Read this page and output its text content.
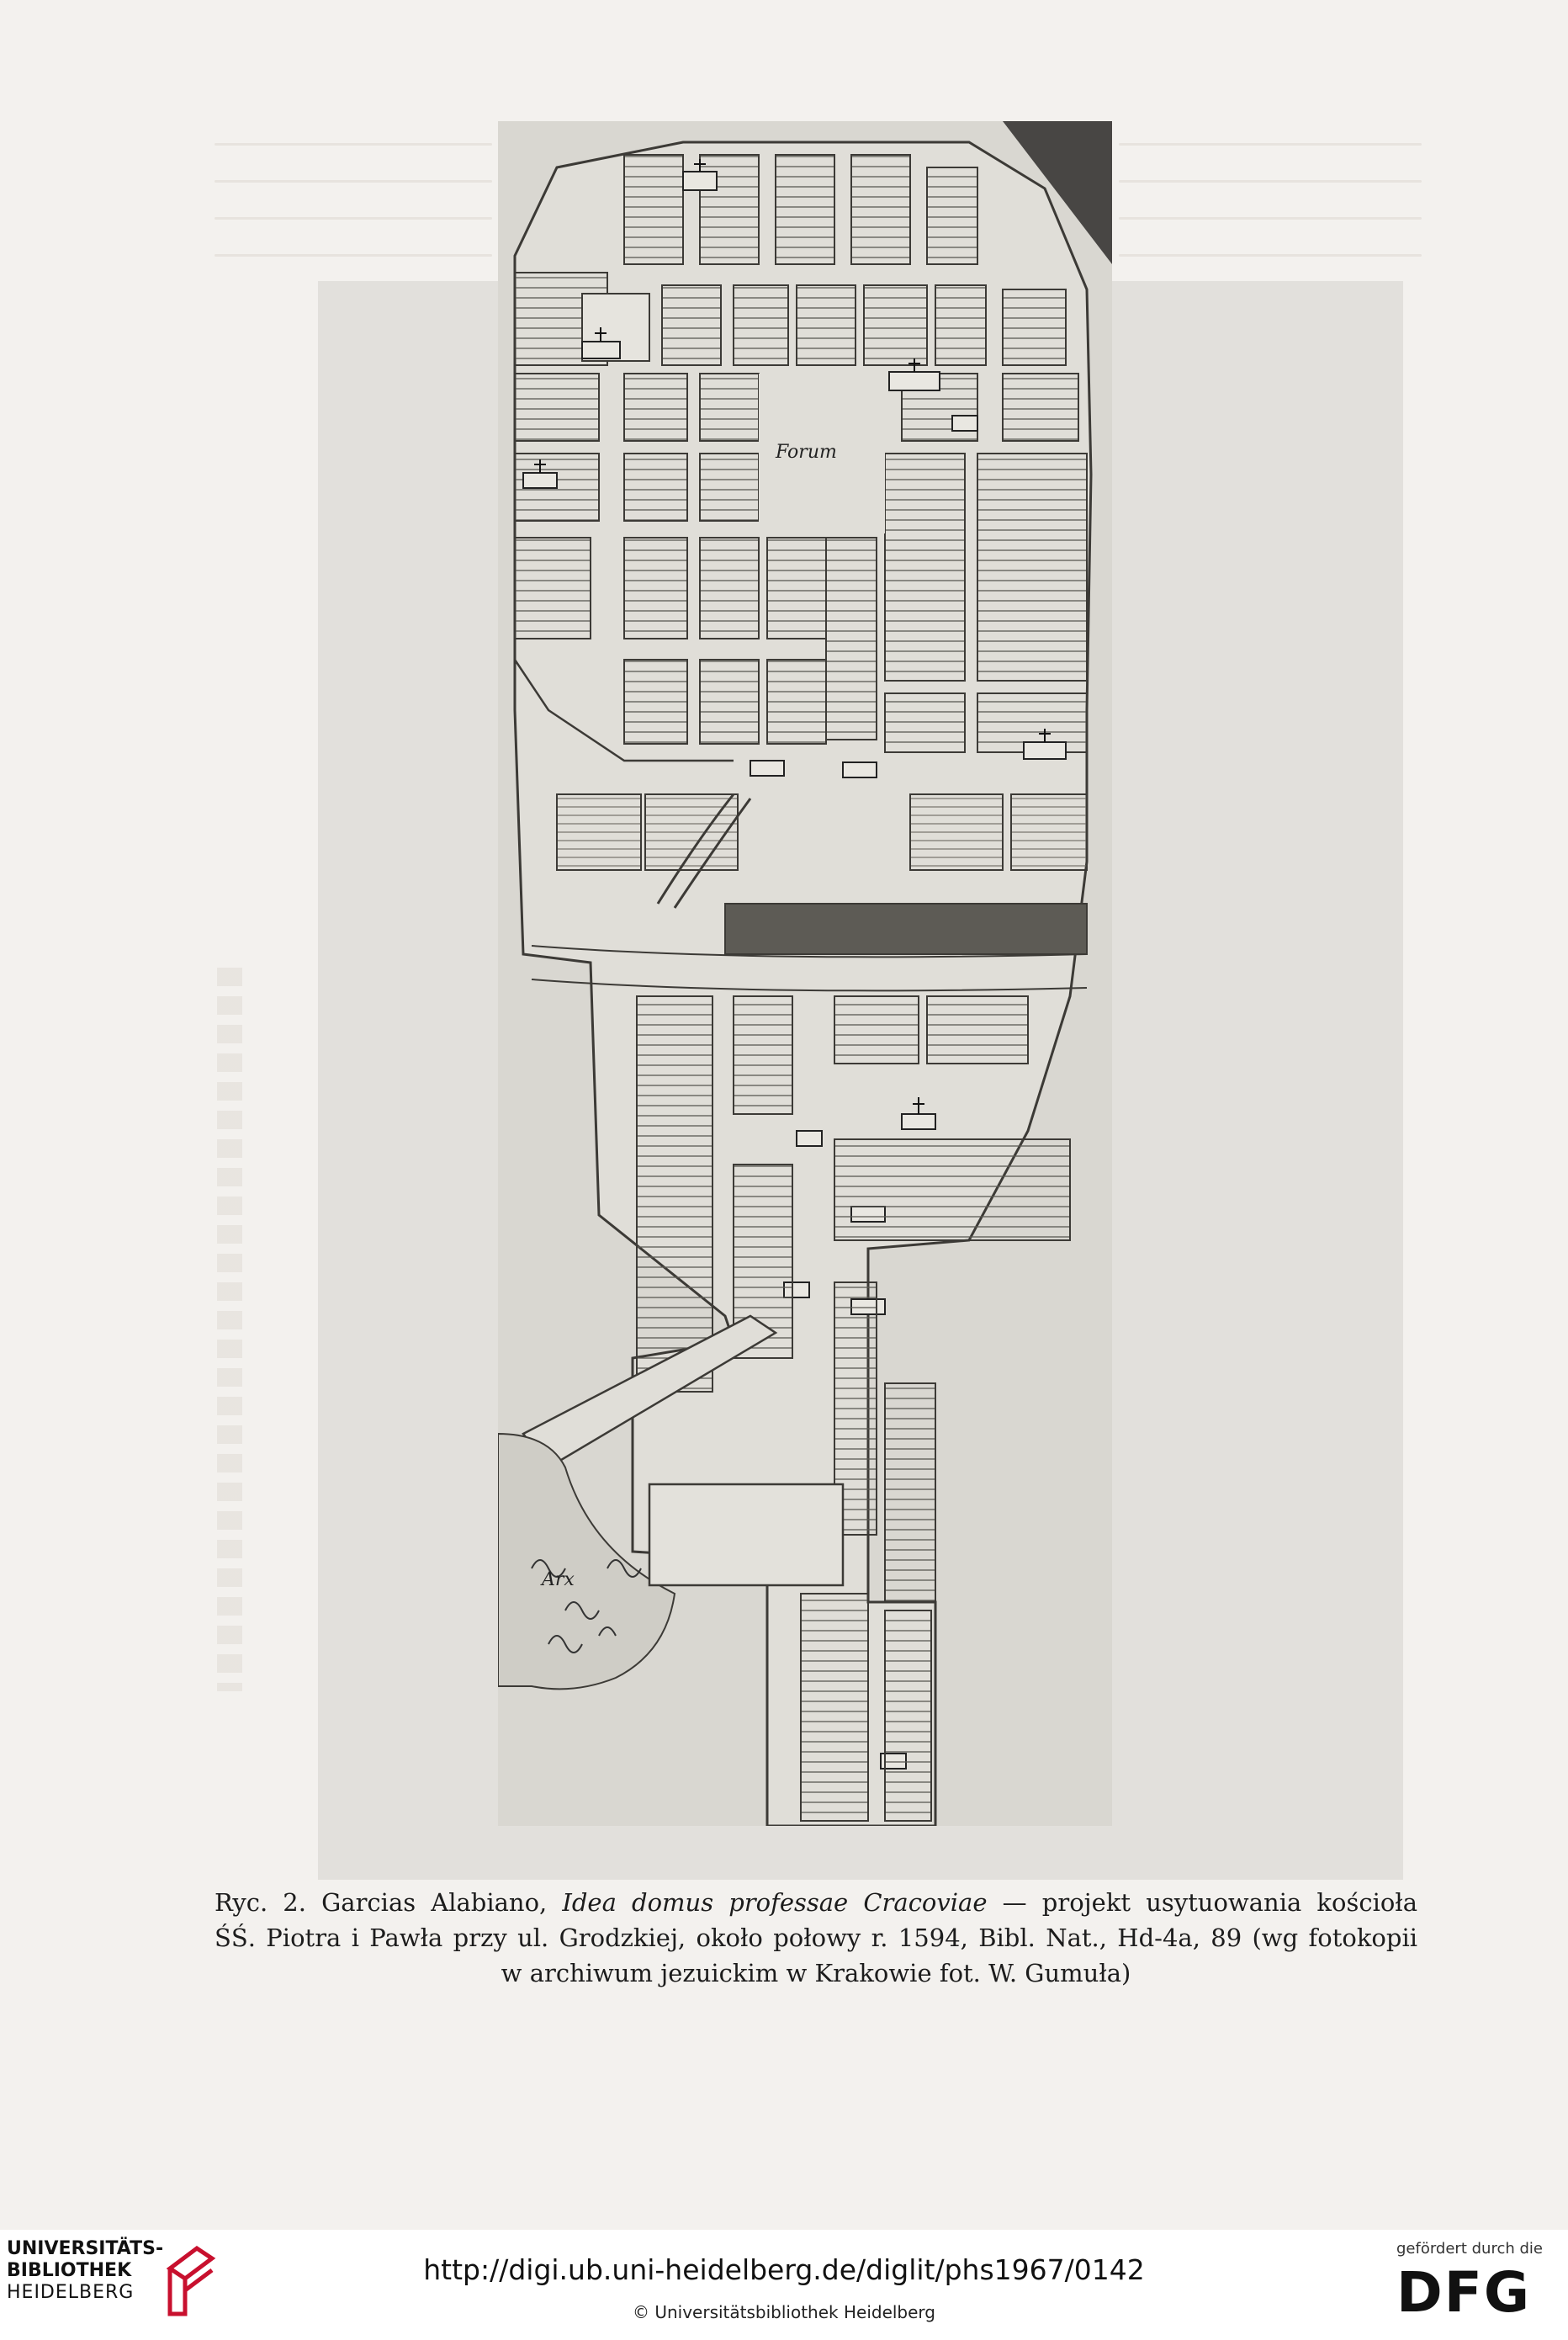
Forum
Arx
Ryc. 2. Garcias Alabiano, Idea domus professae Cracoviae — projekt usytuowania kościoła
ŚŚ. Piotra i Pawła przy ul. Grodzkiej, około połowy r. 1594, Bibl. Nat., Hd-4a, 89 (wg fotokopii
w archiwum jezuickim w Krakowie fot. W. Gumuła)
UNIVERSITÄTS-
BIBLIOTHEK
HEIDELBERG
http://digi.ub.uni-heidelberg.de/diglit/phs1967/0142
© Universitätsbibliothek Heidelberg
gefördert durch die
DFG
